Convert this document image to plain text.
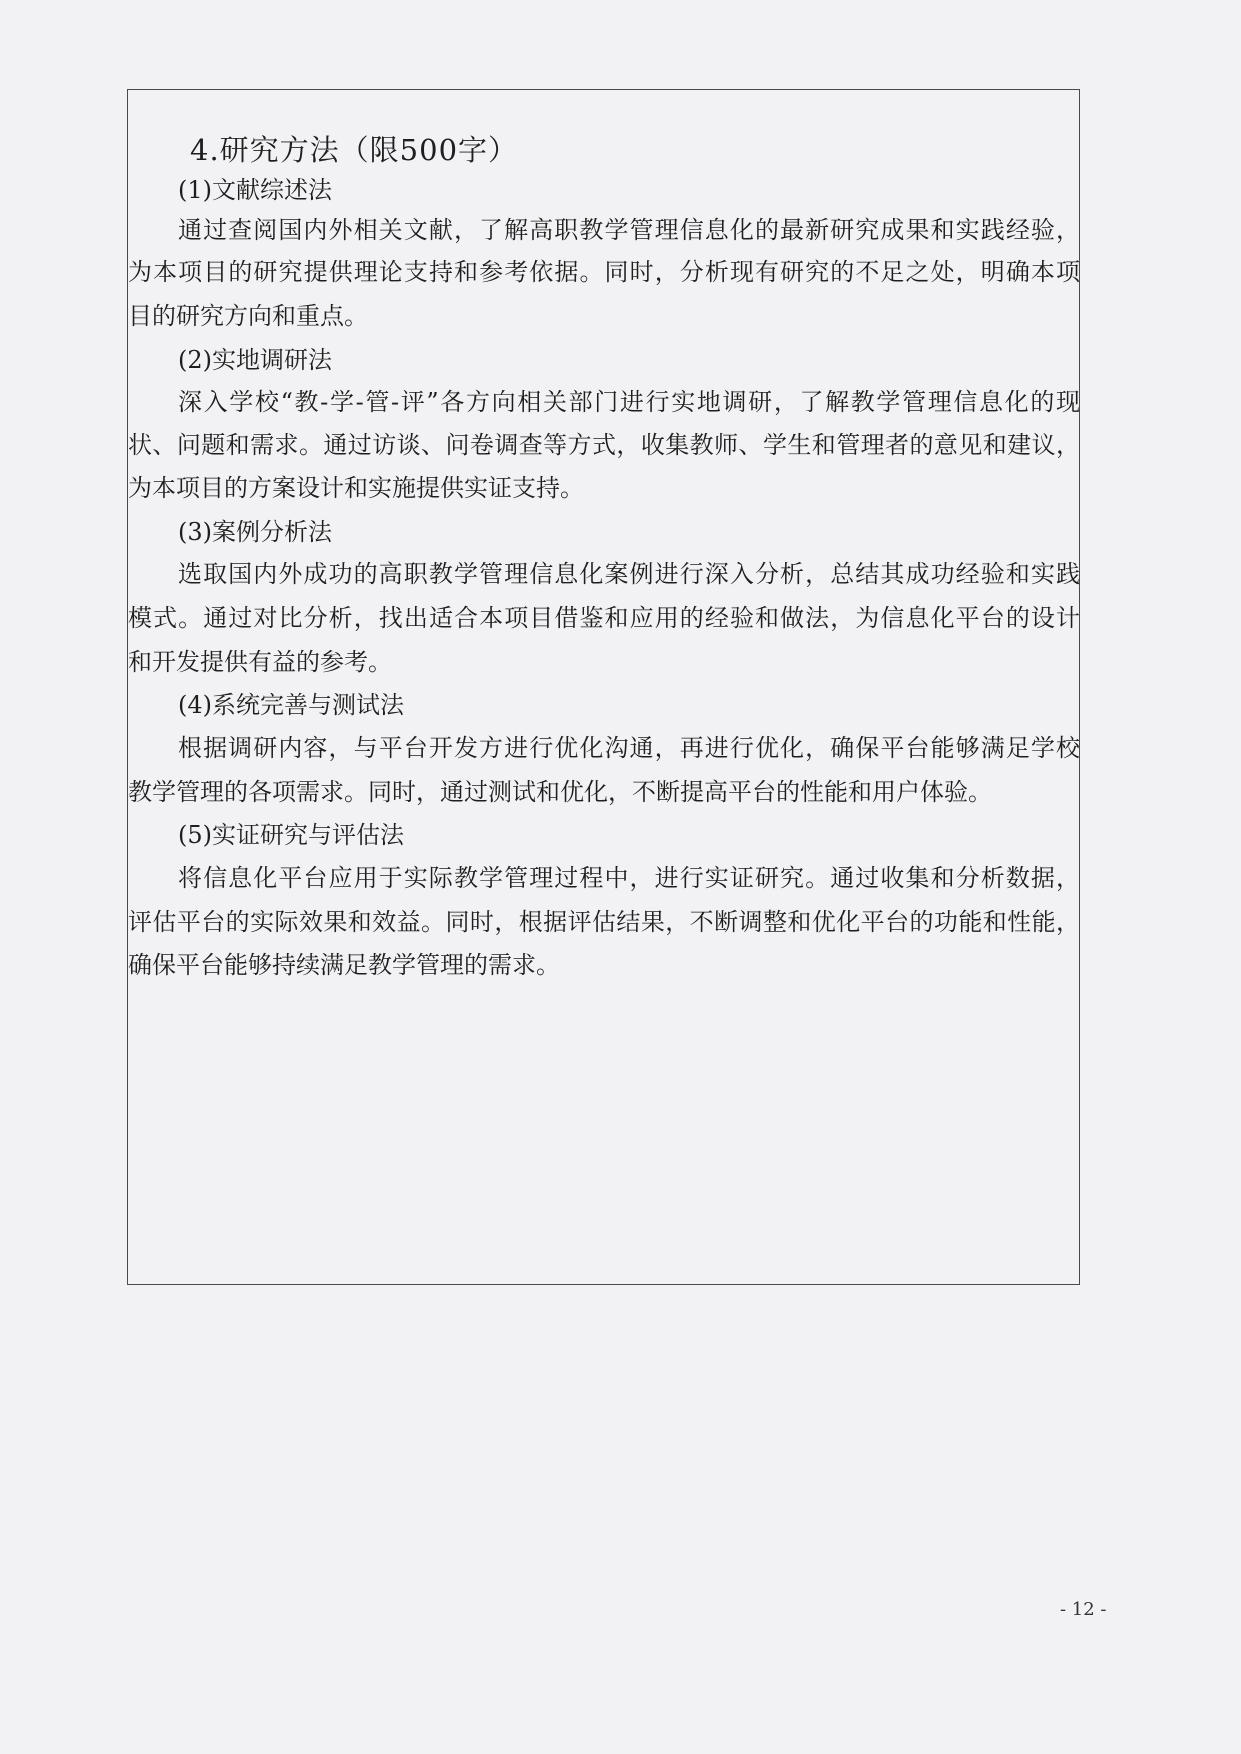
4.研究方法（限500字）
(1)文献综述法
通过查阅国内外相关文献，了解高职教学管理信息化的最新研究成果和实践经验，
为本项目的研究提供理论支持和参考依据。同时，分析现有研究的不足之处，明确本项
目的研究方向和重点。
(2)实地调研法
深入学校“教-学-管-评”各方向相关部门进行实地调研，了解教学管理信息化的现
状、问题和需求。通过访谈、问卷调查等方式，收集教师、学生和管理者的意见和建议，
为本项目的方案设计和实施提供实证支持。
(3)案例分析法
选取国内外成功的高职教学管理信息化案例进行深入分析，总结其成功经验和实践
模式。通过对比分析，找出适合本项目借鉴和应用的经验和做法，为信息化平台的设计
和开发提供有益的参考。
(4)系统完善与测试法
根据调研内容，与平台开发方进行优化沟通，再进行优化，确保平台能够满足学校
教学管理的各项需求。同时，通过测试和优化，不断提高平台的性能和用户体验。
(5)实证研究与评估法
将信息化平台应用于实际教学管理过程中，进行实证研究。通过收集和分析数据，
评估平台的实际效果和效益。同时，根据评估结果，不断调整和优化平台的功能和性能，
确保平台能够持续满足教学管理的需求。
- 12 -
